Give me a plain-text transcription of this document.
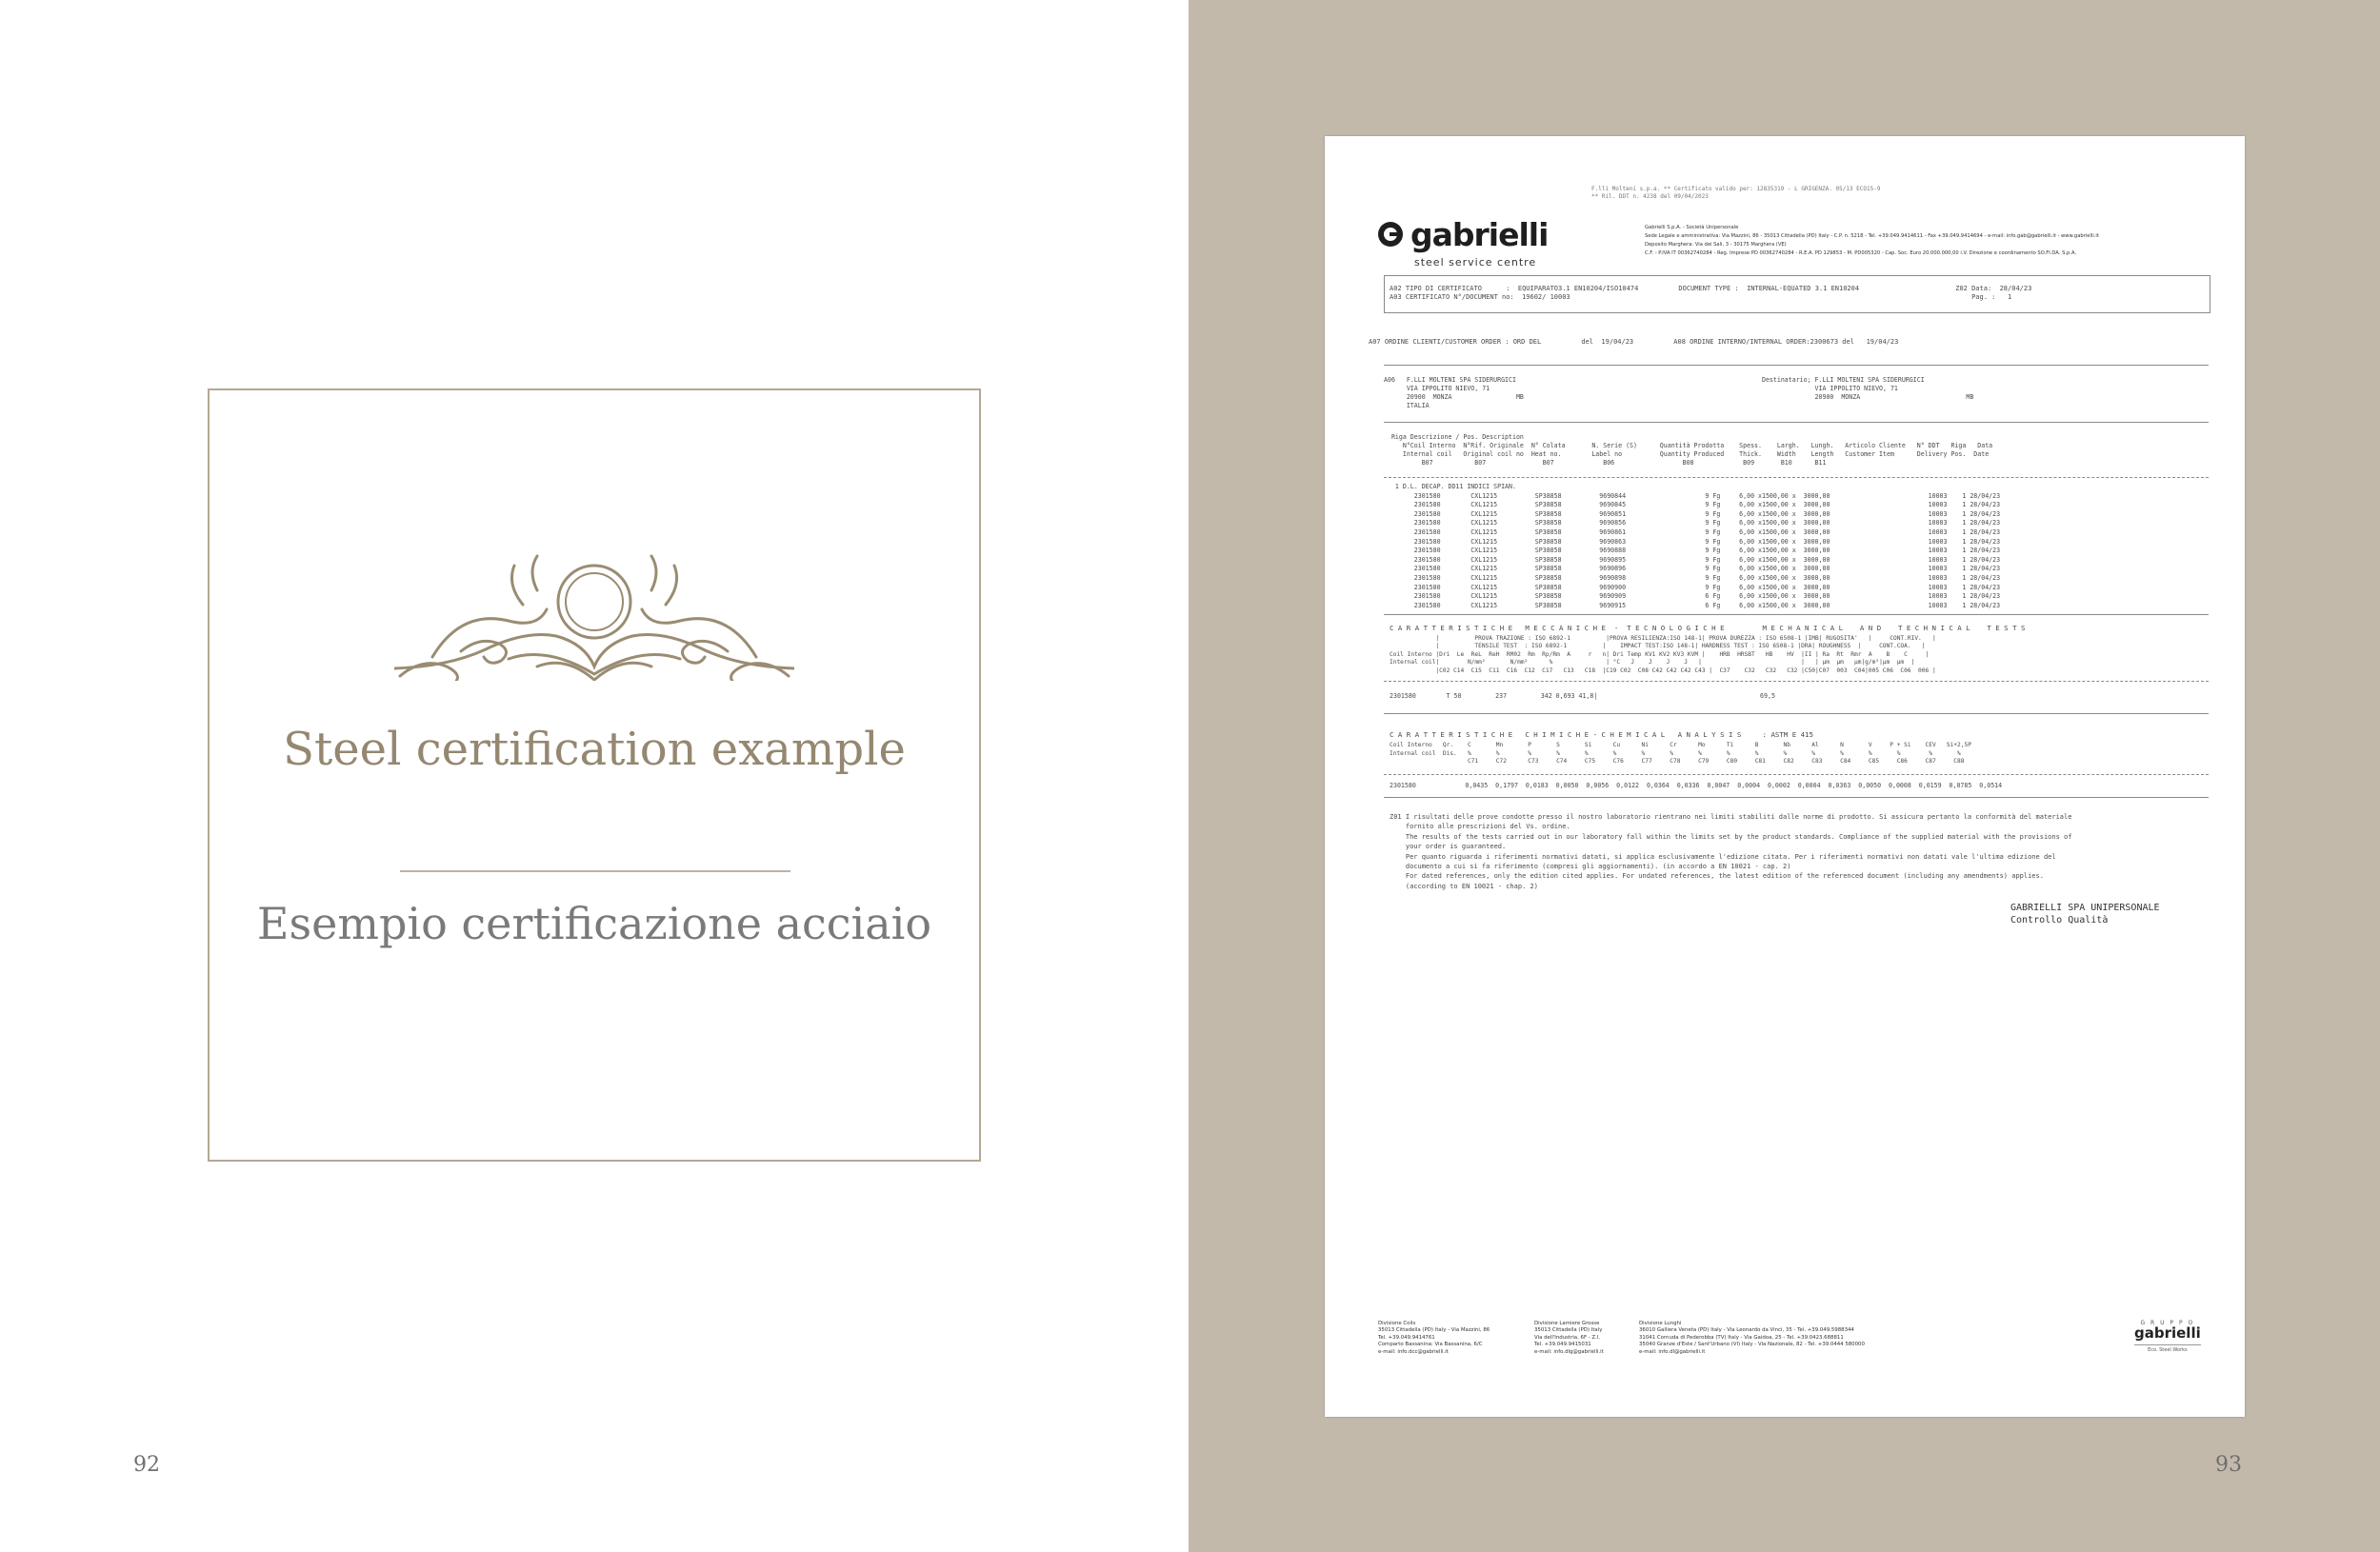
Steel certification example
Esempio certificazione acciaio
92	93
F.lli Molteni s.p.a. ** Certificato valido per: 12835319 - L GRIGENZA. 05/13 ECO15-9
** Ril. DDT n. 4238 del 09/04/2023
gabrielli
steel service centre
Gabrielli S.p.A. - Società Unipersonale
Sede Legale e amministrativa: Via Mazzini, 86 - 35013 Cittadella (PD) Italy - C.P. n. 5218 - Tel. +39.049.9414611 - Fax +39.049.9414694 - e-mail: info.gab@gabrielli.it - www.gabrielli.it
Deposito Marghera: Via dei Sali, 3 - 30175 Marghera (VE)
C.F. - P.IVA IT 00362740284 - Reg. Imprese PD 00362740284 - R.E.A. PD 129853 - M. PD005320 - Cap. Soc. Euro 20.000.000,00 i.V. Direzione e coordinamento SO.FI.DA. S.p.A.
A02 TIPO DI CERTIFICATO      :  EQUIPARATO3.1 EN10204/ISO10474          DOCUMENT TYPE :  INTERNAL-EQUATED 3.1 EN10204                        Z02 Data:  28/04/23
A03 CERTIFICATO N°/DOCUMENT no:  19602/ 10003                                                                                                    Pag. :   1
A07 ORDINE CLIENTI/CUSTOMER ORDER : ORD DEL          del  19/04/23          A08 ORDINE INTERNO/INTERNAL ORDER:2300673 del   19/04/23
A06   F.LLI MOLTENI SPA SIDERURGICI                                                                 Destinatario; F.LLI MOLTENI SPA SIDERURGICI
VIA IPPOLITO NIEVO, 71                                                                                      VIA IPPOLITO NIEVO, 71
20900  MONZA                 MB                                                                             20900  MONZA                            MB
ITALIA
Riga Descrizione / Pos. Description
N°Coil Interno  N°Rif. Originale  N° Colata       N. Serie (S)      Quantità Prodotta    Spess.    Largh.   Lungh.   Articolo Cliente   N° DDT   Riga   Data
Internal coil   Original coil no  Heat no.        Label no          Quantity Produced    Thick.    Width    Length   Customer Item      Delivery Pos.  Date
B07           B07               B07             B06                  B08             B09       B10      B11
1 D.L. DECAP. DD11 INDICI SPIAN.
2301580        CXL1215          SP38858          9690844                     9 Fg     6,00 x1500,00 x  3000,00                          10003    1 28/04/23
2301580        CXL1215          SP38858          9690845                     9 Fg     6,00 x1500,00 x  3000,00                          10003    1 28/04/23
2301580        CXL1215          SP38858          9690851                     9 Fg     6,00 x1500,00 x  3000,00                          10003    1 28/04/23
2301580        CXL1215          SP38858          9690856                     9 Fg     6,00 x1500,00 x  3000,00                          10003    1 28/04/23
2301580        CXL1215          SP38858          9690861                     9 Fg     6,00 x1500,00 x  3000,00                          10003    1 28/04/23
2301580        CXL1215          SP38858          9690863                     9 Fg     6,00 x1500,00 x  3000,00                          10003    1 28/04/23
2301580        CXL1215          SP38858          9690888                     9 Fg     6,00 x1500,00 x  3000,00                          10003    1 28/04/23
2301580        CXL1215          SP38858          9690895                     9 Fg     6,00 x1500,00 x  3000,00                          10003    1 28/04/23
2301580        CXL1215          SP38858          9690896                     9 Fg     6,00 x1500,00 x  3000,00                          10003    1 28/04/23
2301580        CXL1215          SP38858          9690898                     9 Fg     6,00 x1500,00 x  3000,00                          10003    1 28/04/23
2301580        CXL1215          SP38858          9690900                     9 Fg     6,00 x1500,00 x  3000,00                          10003    1 28/04/23
2301580        CXL1215          SP38858          9690909                     6 Fg     6,00 x1500,00 x  3000,00                          10003    1 28/04/23
2301580        CXL1215          SP38858          9690915                     6 Fg     6,00 x1500,00 x  3000,00                          10003    1 28/04/23
C A R A T T E R I S T I C H E   M E C C A N I C H E  -  T E C N O L O G I C H E         M E C H A N I C A L    A N D    T E C H N I C A L    T E S T S
|          PROVA TRAZIONE : ISO 6892-1          |PROVA RESILIENZA:ISO 148-1| PROVA DUREZZA : ISO 6508-1 |IMB| RUGOSITA'   |     CONT.RIV.   |
|          TENSILE TEST  : ISO 6892-1          |    IMPACT TEST:ISO 148-1| HARDNESS TEST : ISO 6508-1 |DRA| ROUGHNESS  |     CONT.COA.   |
Coil Interno |Dri  Le  ReL  ReH  RM02  Rm  Rp/Rm  A     r   n| Dri Temp KV1 KV2 KV3 KVM |    HRB  HRSBT   HB    HV  |II | Ra  Rt  Rmr  A    B    C     |
Internal coil|        N/mm²       N/mm²      %               | °C   J    J    J    J   |                            |   | µm  µm   µm|g/m²|µm  µm  |
|C02 C14  C15  C11  C16  C12  C17   C13   C18  |C19 C02  C08 C42 C42 C42 C43 |  C37    C32   C32   C32 |C50|C07  003  C04|005 C06  C06  006 |
2301580        T 50         237         342 0,693 41,8|                                           69,5
C A R A T T E R I S T I C H E   C H I M I C H E - C H E M I C A L   A N A L Y S I S     : ASTM E 415
Coil Interno   Qr.    C       Mn       P       S       Si      Cu      Ni      Cr      Mo      Ti      B       Nb      Al      N       V     P + Si    CEV   Si+2,5P
Internal coil  Dis.   %       %        %       %       %       %       %       %       %       %       %       %       %       %       %       %        %       %
C71     C72      C73     C74     C75     C76     C77     C78     C79     C80     C81     C82     C83     C84     C85     C86     C87     C88
2301580             0,0435  0,1797  0,0183  0,0050  0,0056  0,0122  0,0364  0,0336  0,0047  0,0004  0,0002  0,0004  0,0363  0,0050  0,0008  0,0159  0,0785  0,0514
Z01 I risultati delle prove condotte presso il nostro laboratorio rientrano nei limiti stabiliti dalle norme di prodotto. Si assicura pertanto la conformità del materiale
fornito alle prescrizioni del Vs. ordine.
The results of the tests carried out in our laboratory fall within the limits set by the product standards. Compliance of the supplied material with the provisions of
your order is guaranteed.
Per quanto riguarda i riferimenti normativi datati, si applica esclusivamente l'edizione citata. Per i riferimenti normativi non datati vale l'ultima edizione del
documento a cui si fa riferimento (compresi gli aggiornamenti). (in accordo a EN 10021 - cap. 2)
For dated references, only the edition cited applies. For undated references, the latest edition of the referenced document (including any amendments) applies.
(according to EN 10021 - chap. 2)
GABRIELLI SPA UNIPERSONALE
Controllo Qualità
Divisione Coils
35013 Cittadella (PD) Italy - Via Mazzini, 86
Tel. +39.049.9414761
Comparto Bassanina: Via Bassanina, 6/C
e-mail: info.dcc@gabrielli.it
Divisione Lamiere Grosse
35013 Cittadella (PD) Italy
Via dell'Industria, 6F - Z.I.
Tel. +39.049.9415031
e-mail: info.dlg@gabrielli.it
Divisione Lunghi
36010 Galliera Veneta (PD) Italy - Via Leonardo da Vinci, 35 - Tel. +39.049.5988344
31041 Cornuda di Pederobba (TV) Italy - Via Gaidoa, 25 - Tel. +39.0423.688811
35040 Granze d'Este / Sant'Urbano (VI) Italy - Via Nazionale, 82 - Tel. +39.0444 580000
e-mail: info.dl@gabrielli.it
G R U P P O
gabrielli
Eco. Steel Works
